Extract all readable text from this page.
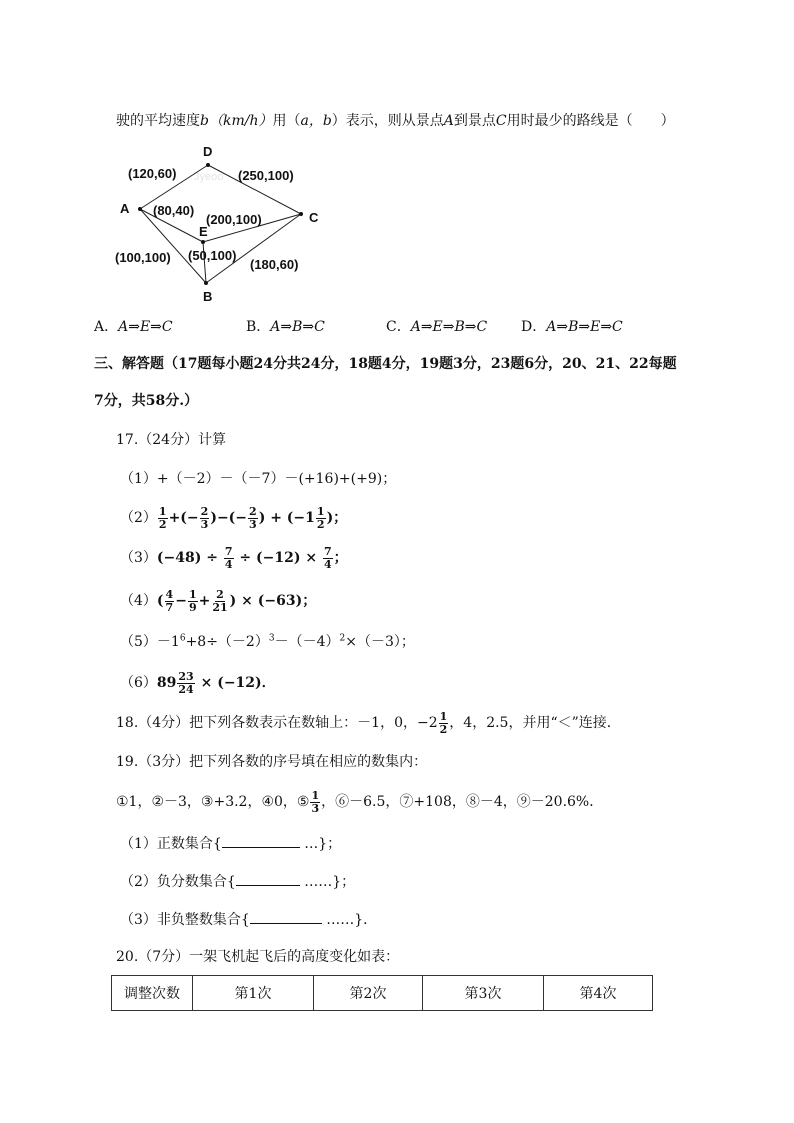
驶的平均速度b（km/h）用（a，b）表示，则从景点A到景点C用时最少的路线是（　　）
Jyeoo
D
A
E
C
B
(120,60)	(250,100)
(80,40)
(200,100)
(100,100) (50,100)
(180,60)
A．A⇒E⇒C	B．A⇒B⇒C	C．A⇒E⇒B⇒C D．A⇒B⇒E⇒C
三、解答题（17题每小题24分共24分，18题4分，19题3分，23题6分，20、21、22每题
7分，共58分.）
17.（24分）计算
（1）+（－2）－（－7）－(+16)+(+9)；
$(2) \frac{1}{2}$ +(− $\frac{2}{3}$ )−(− $\frac{2}{3}$ ) + ($-1 \frac{1}{2}$ )；
$(3)(-48) \div \frac{7}{4} \div (-12) \times \frac{7}{4}$ ；
$(4)( \frac{4}{7} - \frac{1}{9} + \frac{2}{21}$ ) × (−63)；
$(5)-1^6+8\div(-2)^3-(-4)^2\times(-3)$；
$(6)89 \frac{23}{24} \times (-12)$．
18.（4分）把下列各数表示在数轴上：－1，0，$-2 \frac{1}{2}$ ，4，2.5，并用“＜”连接．
19.（3分）把下列各数的序号填在相应的数集内：
①1，②－3，③+3.2，④0，⑤ $\frac{1}{3}$ ，⑥－6.5，⑦+108，⑧－4，⑨－20.6%．
（1）正数集合{	…}；
（2）负分数集合{	……}；
（3）非负整数集合{	……}．
20.（7分）一架飞机起飞后的高度变化如表：
调整次数	第1次	第2次	第3次	第4次
